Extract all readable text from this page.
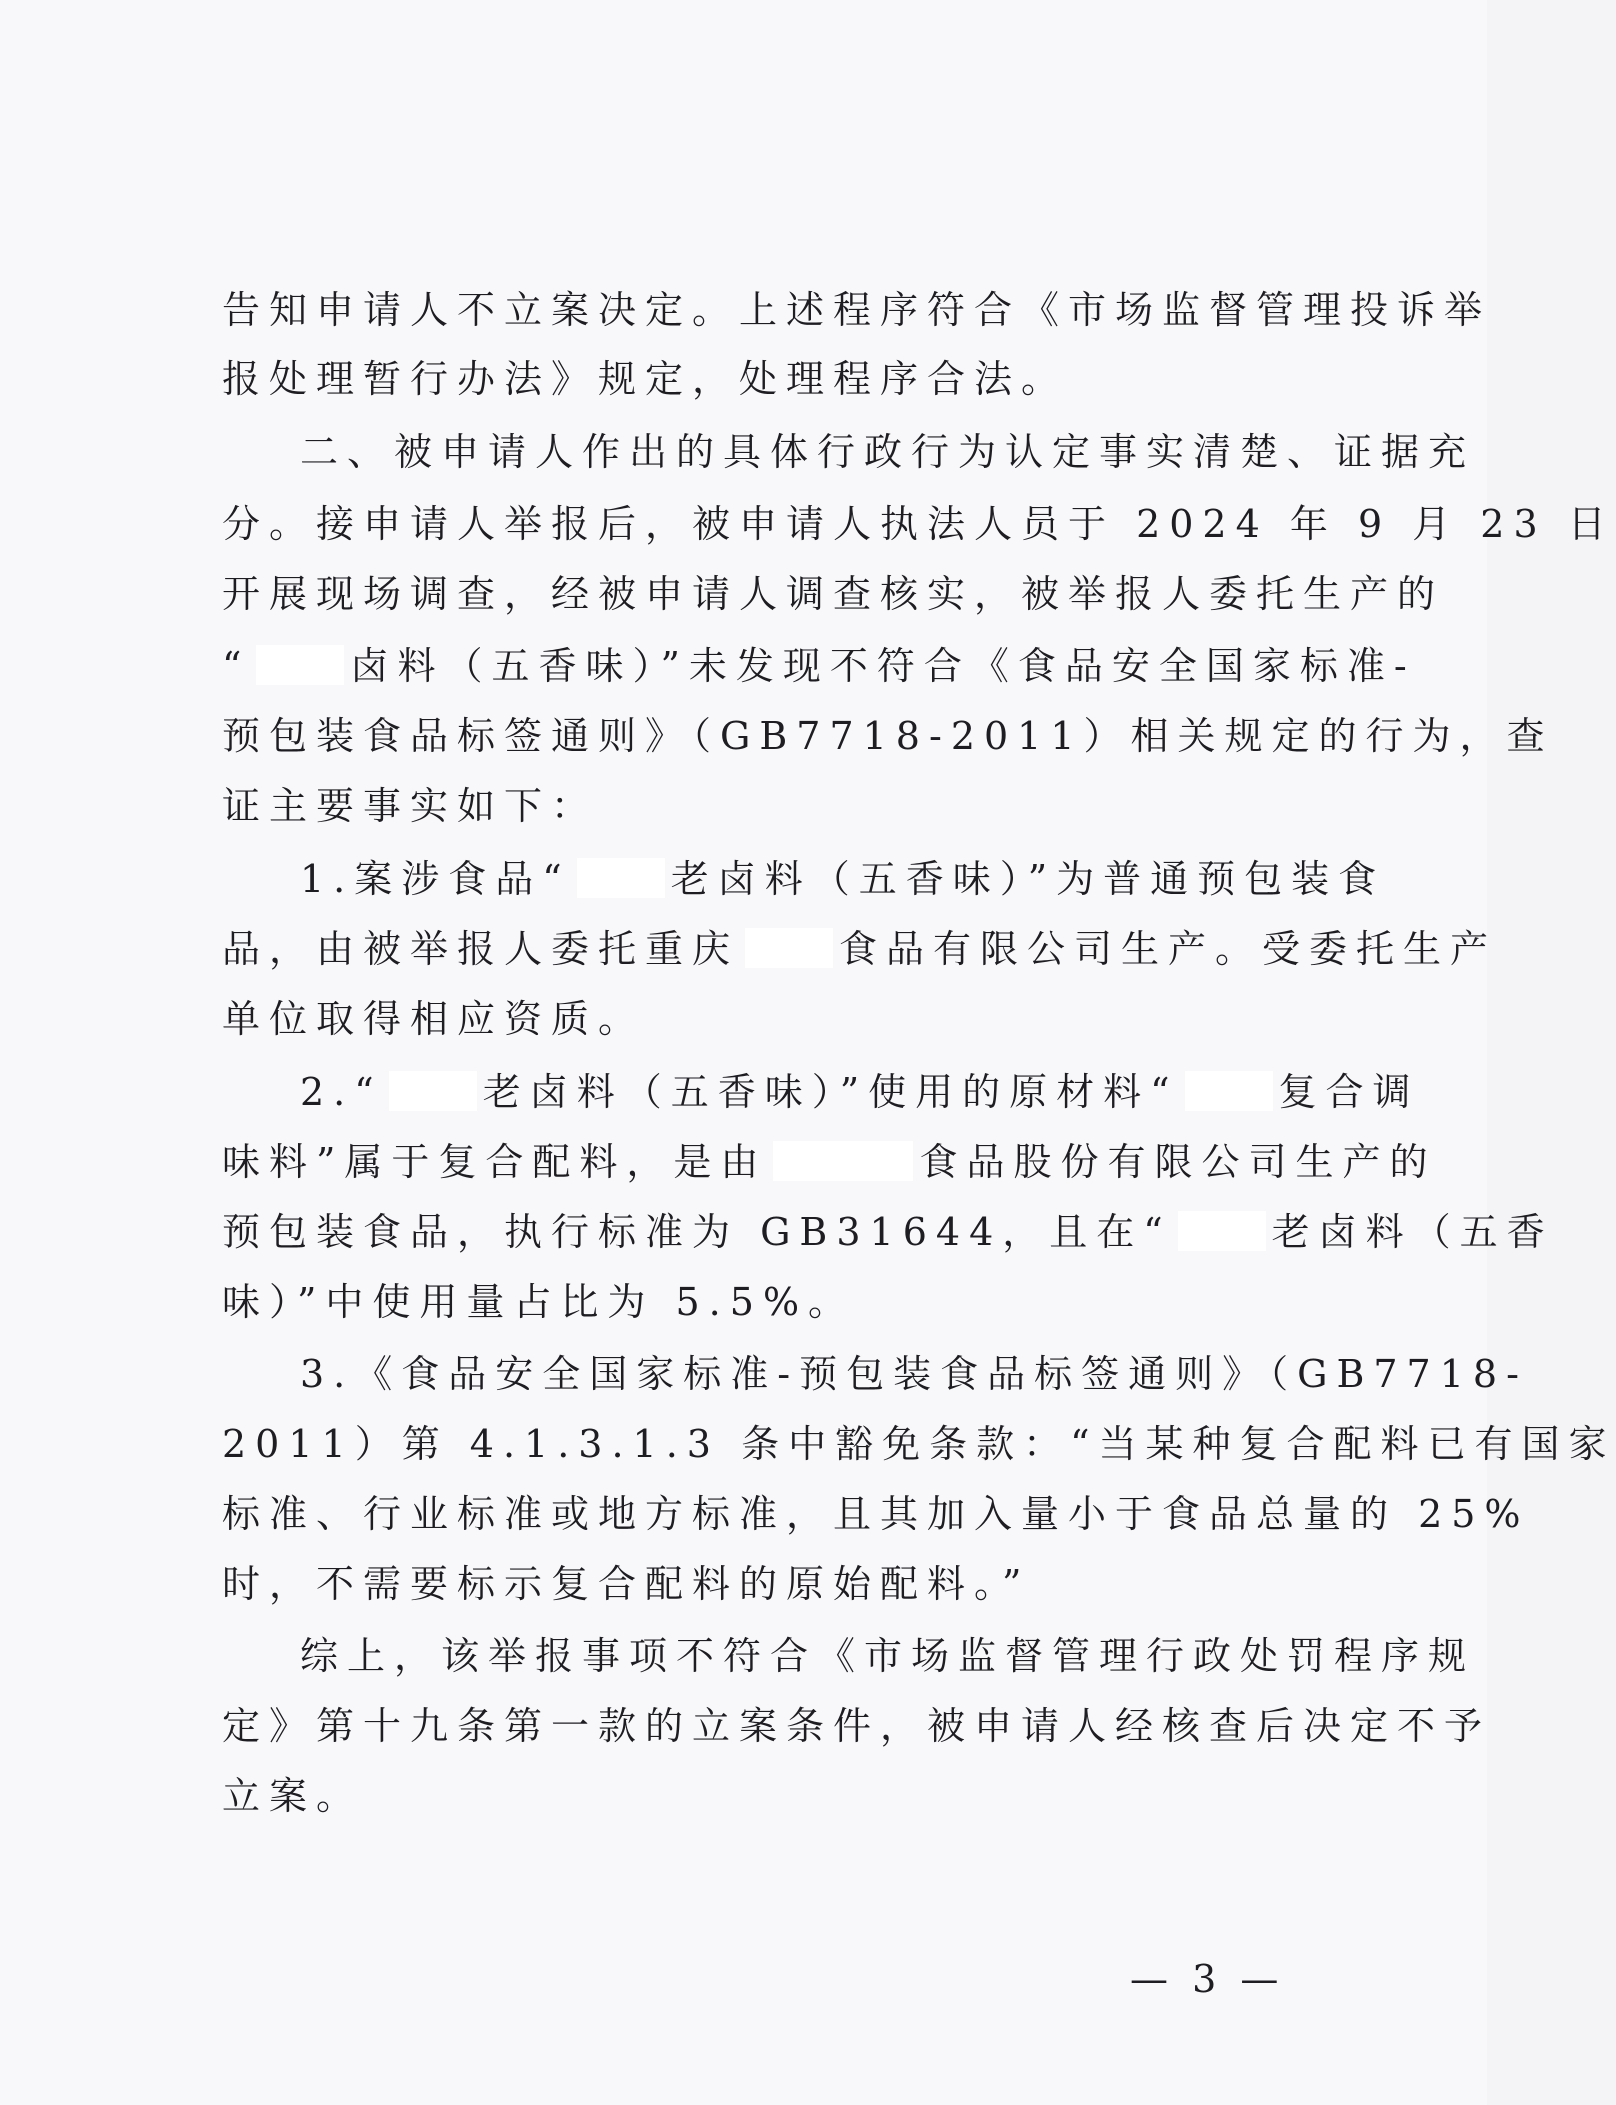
告知申请人不立案决定。上述程序符合《市场监督管理投诉举
报处理暂行办法》规定，处理程序合法。
二、被申请人作出的具体行政行为认定事实清楚、证据充
分。接申请人举报后，被申请人执法人员于 2024 年 9 月 23 日
开展现场调查，经被申请人调查核实，被举报人委托生产的
“	卤料（五香味）”未发现不符合《食品安全国家标准-
预包装食品标签通则》（GB7718-2011）相关规定的行为，查
证主要事实如下：
1.案涉食品“	老卤料（五香味）”为普通预包装食
品，由被举报人委托重庆	食品有限公司生产。受委托生产
单位取得相应资质。
2.“	老卤料（五香味）”使用的原材料“	复合调
味料”属于复合配料，是由	食品股份有限公司生产的
预包装食品，执行标准为 GB31644，且在“	老卤料（五香
味）”中使用量占比为 5.5%。
3.《食品安全国家标准-预包装食品标签通则》（GB7718-
2011）第 4.1.3.1.3 条中豁免条款：“当某种复合配料已有国家
标准、行业标准或地方标准，且其加入量小于食品总量的 25%
时，不需要标示复合配料的原始配料。”
综上，该举报事项不符合《市场监督管理行政处罚程序规
定》第十九条第一款的立案条件，被申请人经核查后决定不予
立案。
— 3 —
